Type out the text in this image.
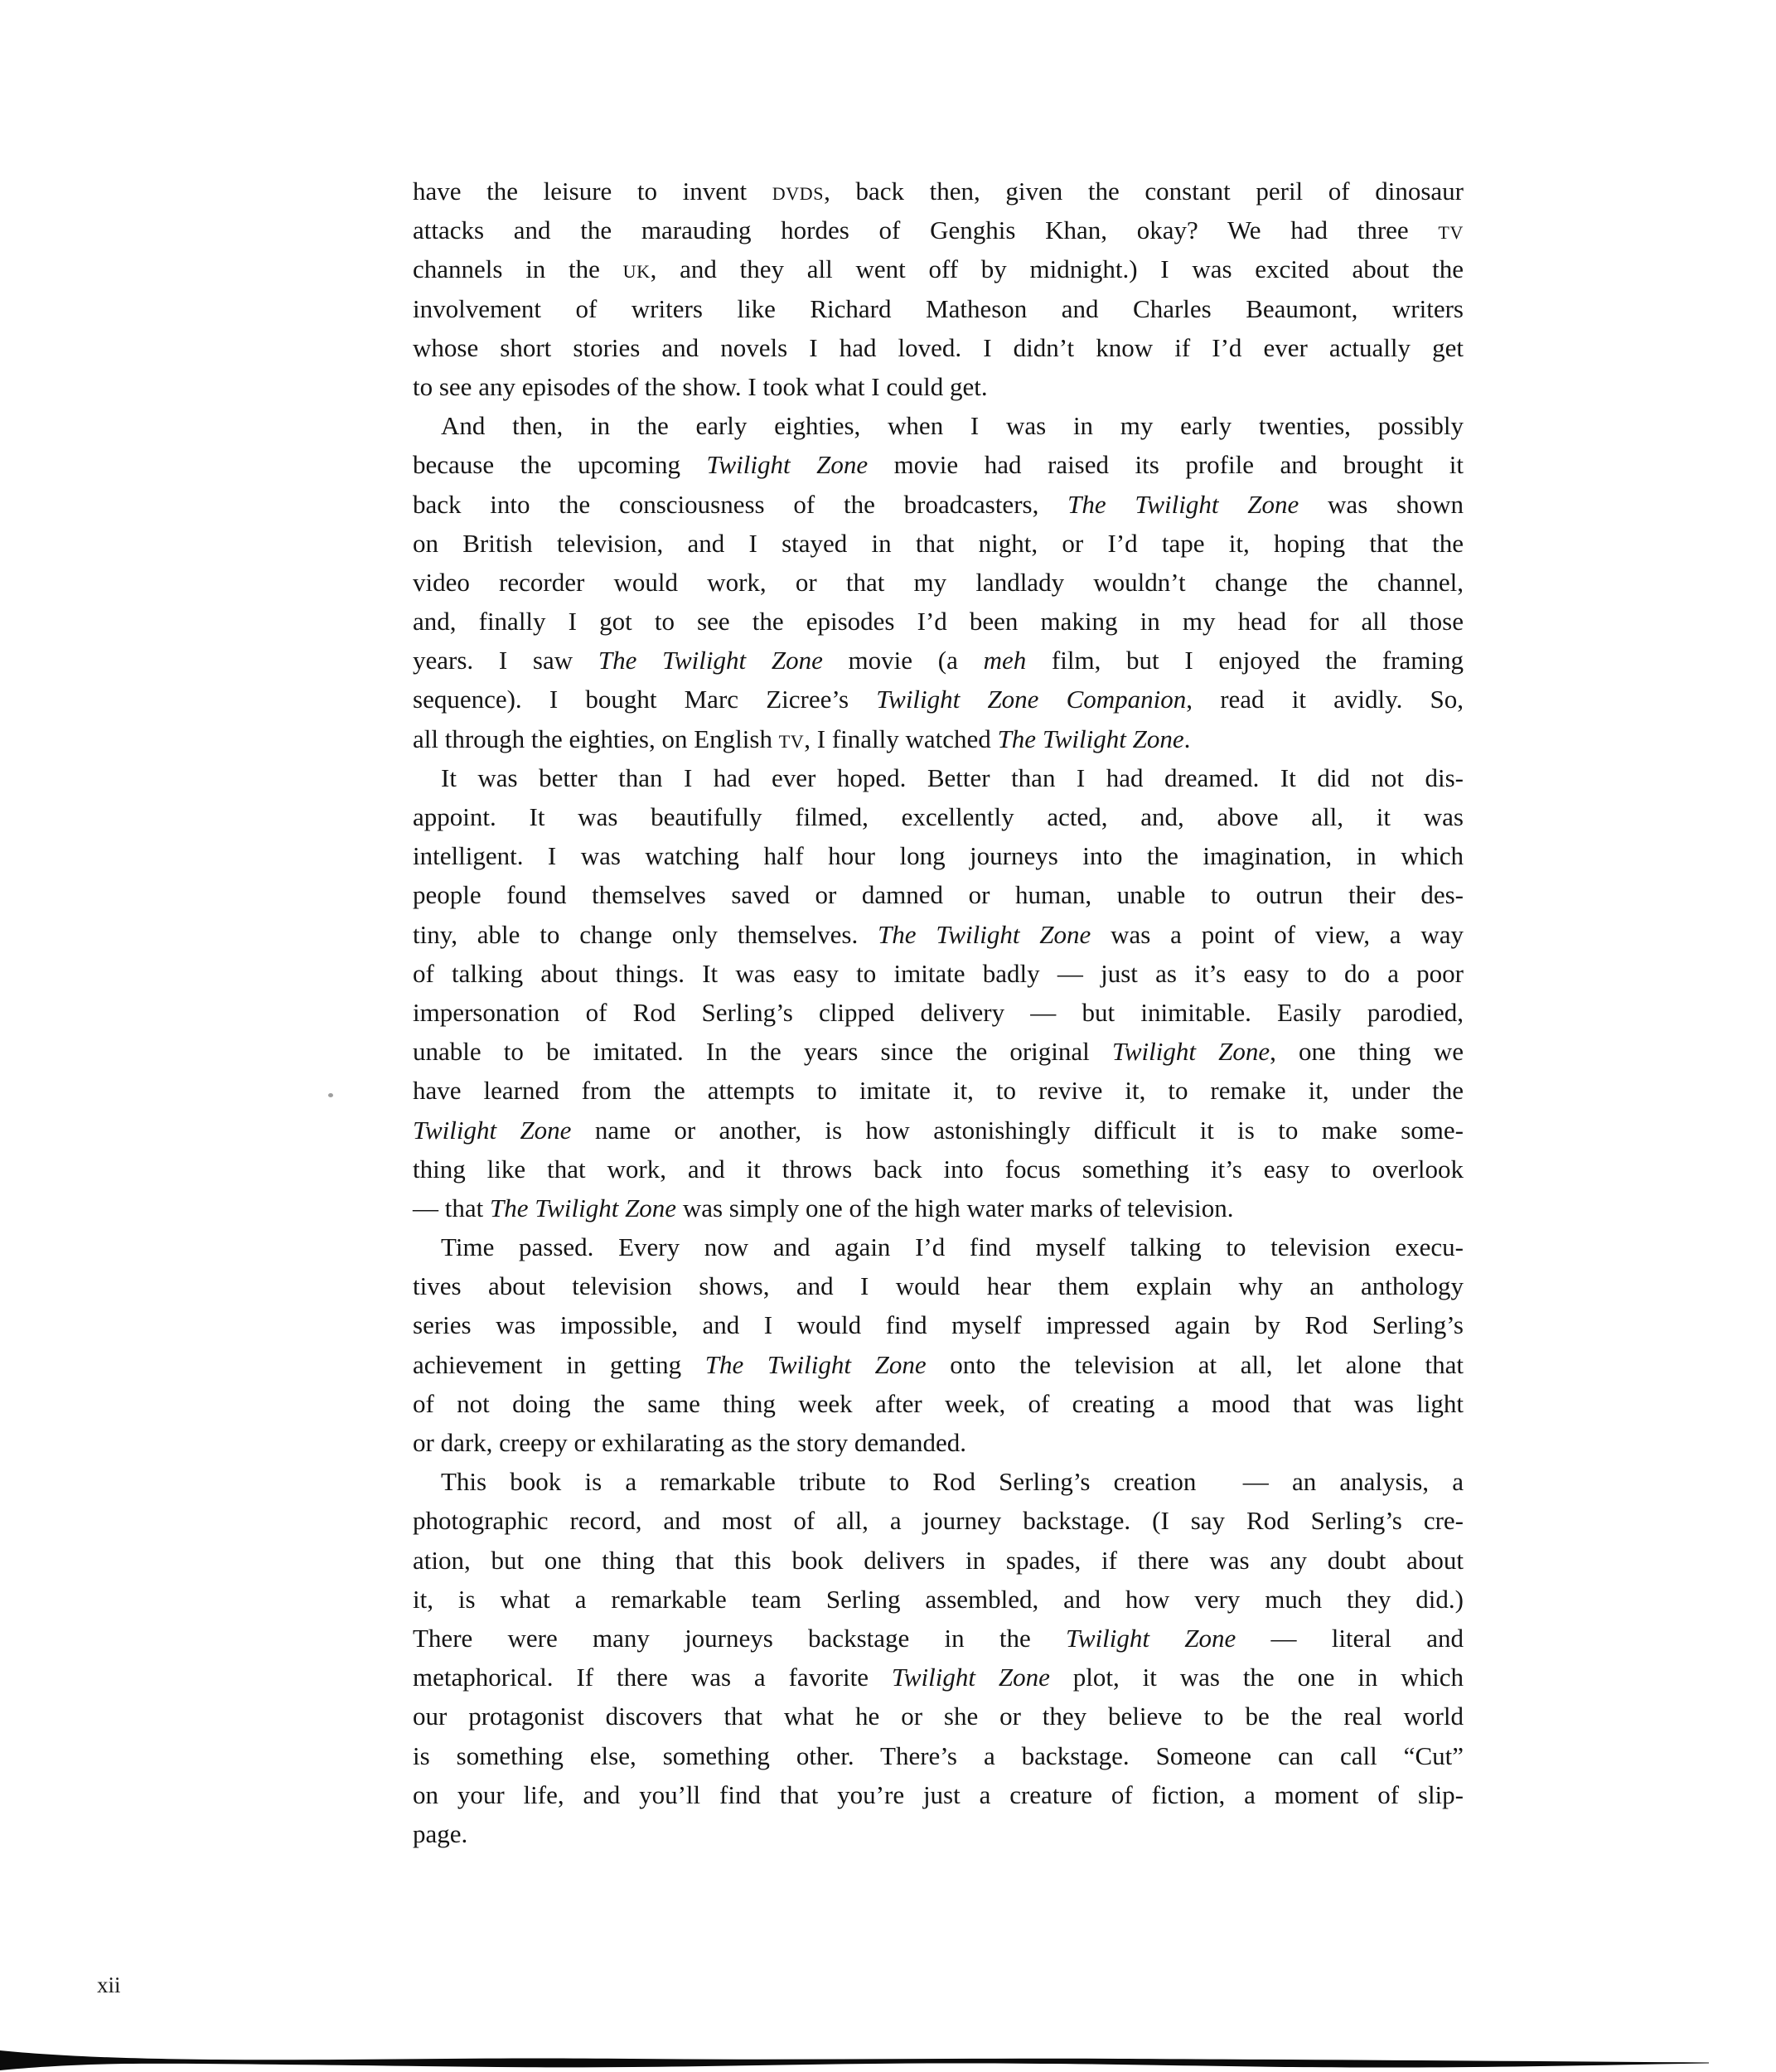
have the leisure to invent dvds, back then, given the constant peril of dinosaur
attacks and the marauding hordes of Genghis Khan, okay? We had three tv
channels in the uk, and they all went off by midnight.) I was excited about the
involvement of writers like Richard Matheson and Charles Beaumont, writers
whose short stories and novels I had loved. I didn’t know if I’d ever actually get
to see any episodes of the show. I took what I could get.
And then, in the early eighties, when I was in my early twenties, possibly
because the upcoming Twilight Zone movie had raised its profile and brought it
back into the consciousness of the broadcasters, The Twilight Zone was shown
on British television, and I stayed in that night, or I’d tape it, hoping that the
video recorder would work, or that my landlady wouldn’t change the channel,
and, finally I got to see the episodes I’d been making in my head for all those
years. I saw The Twilight Zone movie (a meh film, but I enjoyed the framing
sequence). I bought Marc Zicree’s Twilight Zone Companion, read it avidly. So,
all through the eighties, on English tv, I finally watched The Twilight Zone.
It was better than I had ever hoped. Better than I had dreamed. It did not dis-
appoint. It was beautifully filmed, excellently acted, and, above all, it was
intelligent. I was watching half hour long journeys into the imagination, in which
people found themselves saved or damned or human, unable to outrun their des-
tiny, able to change only themselves. The Twilight Zone was a point of view, a way
of talking about things. It was easy to imitate badly — just as it’s easy to do a poor
impersonation of Rod Serling’s clipped delivery — but inimitable. Easily parodied,
unable to be imitated. In the years since the original Twilight Zone, one thing we
have learned from the attempts to imitate it, to revive it, to remake it, under the
Twilight Zone name or another, is how astonishingly difficult it is to make some-
thing like that work, and it throws back into focus something it’s easy to overlook
— that The Twilight Zone was simply one of the high water marks of television.
Time passed. Every now and again I’d find myself talking to television execu-
tives about television shows, and I would hear them explain why an anthology
series was impossible, and I would find myself impressed again by Rod Serling’s
achievement in getting The Twilight Zone onto the television at all, let alone that
of not doing the same thing week after week, of creating a mood that was light
or dark, creepy or exhilarating as the story demanded.
This book is a remarkable tribute to Rod Serling’s creation  — an analysis, a
photographic record, and most of all, a journey backstage. (I say Rod Serling’s cre-
ation, but one thing that this book delivers in spades, if there was any doubt about
it, is what a remarkable team Serling assembled, and how very much they did.)
There were many journeys backstage in the Twilight Zone — literal and
metaphorical. If there was a favorite Twilight Zone plot, it was the one in which
our protagonist discovers that what he or she or they believe to be the real world
is something else, something other. There’s a backstage. Someone can call “Cut”
on your life, and you’ll find that you’re just a creature of fiction, a moment of slip-
page.
xii
